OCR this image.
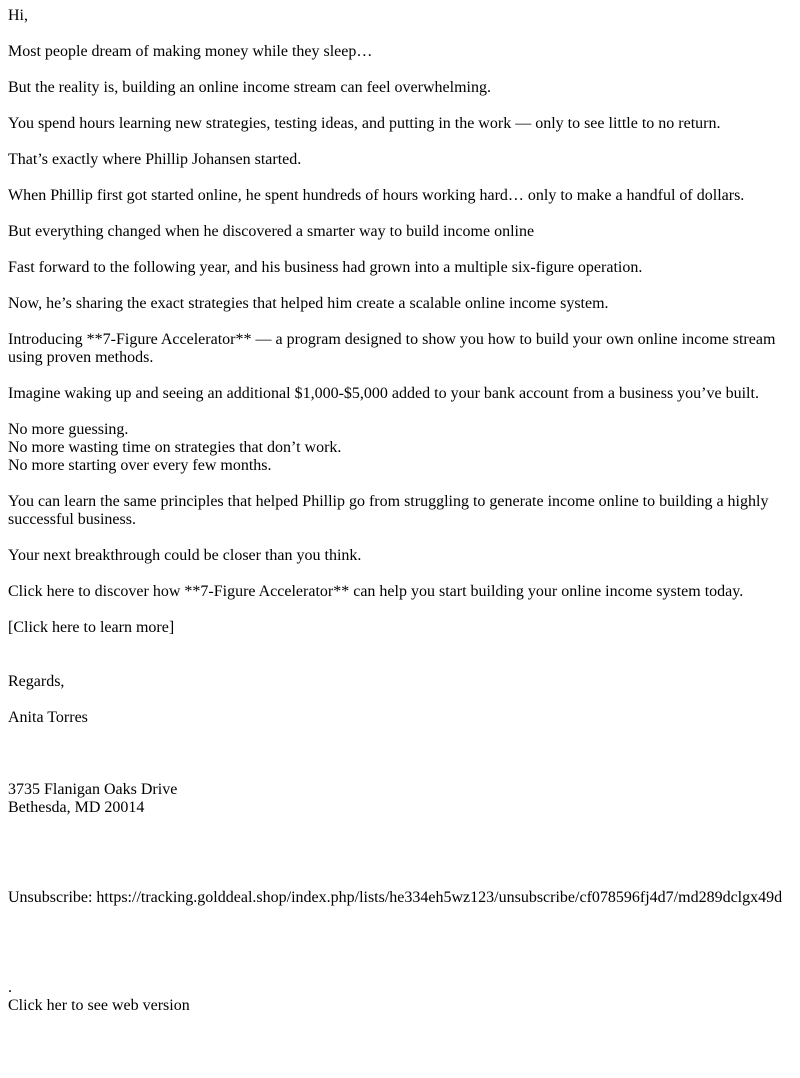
Hi,

Most people dream of making money while they sleep…

But the reality is, building an online income stream can feel overwhelming.

You spend hours learning new strategies, testing ideas, and putting in the work — only to see little to no return.

That’s exactly where Phillip Johansen started.

When Phillip first got started online, he spent hundreds of hours working hard… only to make a handful of dollars.

But everything changed when he discovered a smarter way to build income online

Fast forward to the following year, and his business had grown into a multiple six-figure operation.

Now, he’s sharing the exact strategies that helped him create a scalable online income system.

Introducing **7-Figure Accelerator** — a program designed to show you how to build your own online income stream using proven methods.

Imagine waking up and seeing an additional $1,000-$5,000 added to your bank account from a business you’ve built.

No more guessing.
No more wasting time on strategies that don’t work.
No more starting over every few months.

You can learn the same principles that helped Phillip go from struggling to generate income online to building a highly successful business.

Your next breakthrough could be closer than you think.

Click here to discover how **7-Figure Accelerator** can help you start building your online income system today.

[Click here to learn more]

Regards,

Anita Torres

3735 Flanigan Oaks Drive
Bethesda, MD 20014

Unsubscribe: https://tracking.golddeal.shop/index.php/lists/he334eh5wz123/unsubscribe/cf078596fj4d7/md289dclgx49d

.
Click her to see web version
